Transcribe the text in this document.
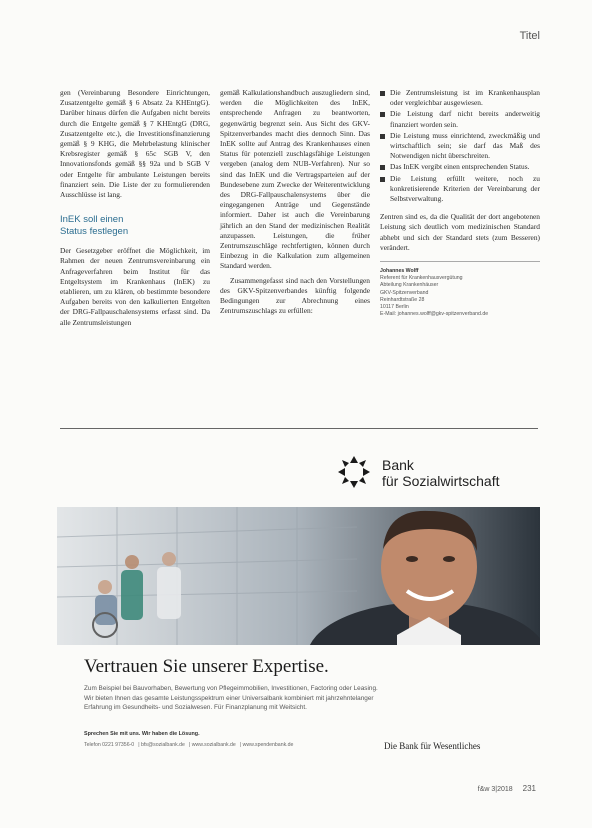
Titel

gen (Vereinbarung Besondere Einrichtungen, Zusatzentgelte gemäß § 6 Absatz 2a KHEntgG). Darüber hinaus dürfen die Aufgaben nicht bereits durch die Entgelte gemäß § 7 KHEntgG (DRG, Zusatzentgelte etc.), die Investitionsfinanzierung gemäß § 9 KHG, die Mehrbelastung klinischer Krebsregister gemäß § 65c SGB V, den Innovationsfonds gemäß §§ 92a und b SGB V oder Entgelte für ambulante Leistungen bereits finanziert sein. Die Liste der zu formulierenden Ausschlüsse ist lang.

InEK soll einen
Status festlegen

Der Gesetzgeber eröffnet die Möglichkeit, im Rahmen der neuen Zentrumsvereinbarung ein Anfrageverfahren beim Institut für das Entgeltsystem im Krankenhaus (InEK) zu etablieren, um zu klären, ob bestimmte besondere Aufgaben bereits von den kalkulierten Entgelten der DRG-Fallpauschalensystems erfasst sind. Da alle Zentrumsleistungen

gemäß Kalkulationshandbuch auszugliedern sind, werden die Möglichkeiten des InEK, entsprechende Anfragen zu beantworten, gegenwärtig begrenzt sein. Aus Sicht des GKV-Spitzenverbandes macht dies dennoch Sinn. Das InEK sollte auf Antrag des Krankenhauses einen Status für potenziell zuschlagsfähige Leistungen vergeben (analog dem NUB-Verfahren). Nur so sind das InEK und die Vertragsparteien auf der Bundesebene zum Zwecke der Weiterentwicklung des DRG-Fallpauschalensystems über die eingegangenen Anträge und Gegenstände informiert. Daher ist auch die Vereinbarung jährlich an den Stand der medizinischen Realität anzupassen. Leistungen, die früher Zentrumszuschläge rechtfertigten, können durch Einbezug in die Kalkulation zum allgemeinen Standard werden.

Zusammengefasst sind nach den Vorstellungen des GKV-Spitzenverbandes künftig folgende Bedingungen zur Abrechnung eines Zentrumszuschlags zu erfüllen:

Die Zentrumsleistung ist im Krankenhausplan oder vergleichbar ausgewiesen.
Die Leistung darf nicht bereits anderweitig finanziert worden sein.
Die Leistung muss einrichtend, zweckmäßig und wirtschaftlich sein; sie darf das Maß des Notwendigen nicht überschreiten.
Das InEK vergibt einen entsprechenden Status.
Die Leistung erfüllt weitere, noch zu konkretisierende Kriterien der Vereinbarung der Selbstverwaltung.

Zentren sind es, da die Qualität der dort angebotenen Leistung sich deutlich vom medizinischen Standard abhebt und sich der Standard stets (zum Besseren) verändert.

Johannes Wolff
Referent für Krankenhausvergütung
Abteilung Krankenhäuser
GKV-Spitzenverband
Reinhardtstraße 28
10117 Berlin
E-Mail: johannes.wolff@gkv-spitzenverband.de
Bank
für Sozialwirtschaft
Vertrauen Sie unserer Expertise.
Zum Beispiel bei Bauvorhaben, Bewertung von Pflegeimmobilien, Investitionen, Factoring oder Leasing.
Wir bieten Ihnen das gesamte Leistungsspektrum einer Universalbank kombiniert mit jahrzehntelanger
Erfahrung im Gesundheits- und Sozialwesen. Für Finanzplanung mit Weitsicht.
Sprechen Sie mit uns. Wir haben die Lösung.
Telefon 0221 97356-0 | bfs@sozialbank.de | www.sozialbank.de | www.spendenbank.de	Die Bank für Wesentliches
f&w 3|2018 231
